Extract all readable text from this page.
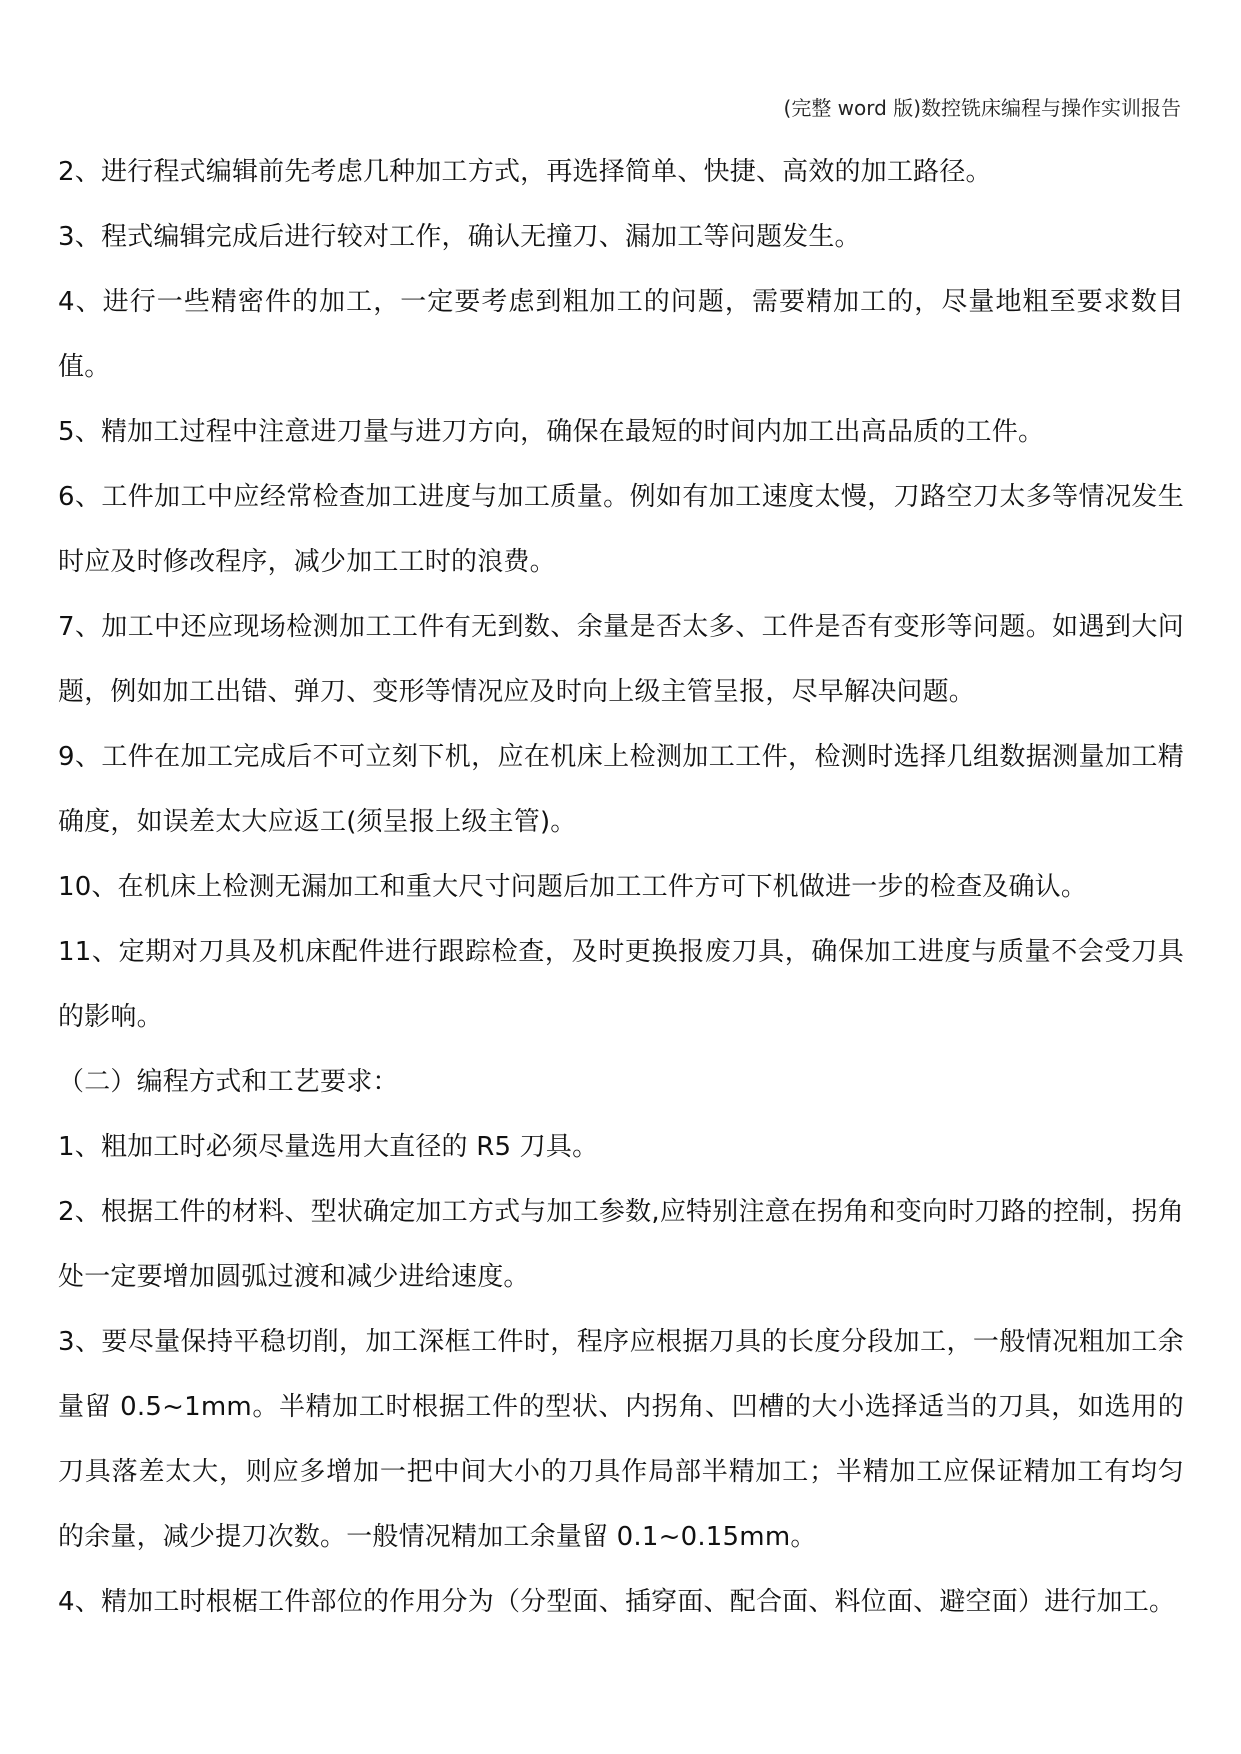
(完整 word 版)数控铣床编程与操作实训报告

2、进行程式编辑前先考虑几种加工方式，再选择简单、快捷、高效的加工路径。

3、程式编辑完成后进行较对工作，确认无撞刀、漏加工等问题发生。

4、进行一些精密件的加工，一定要考虑到粗加工的问题，需要精加工的，尽量地粗至要求数目值。

5、精加工过程中注意进刀量与进刀方向，确保在最短的时间内加工出高品质的工件。

6、工件加工中应经常检查加工进度与加工质量。例如有加工速度太慢，刀路空刀太多等情况发生时应及时修改程序，减少加工工时的浪费。

7、加工中还应现场检测加工工件有无到数、余量是否太多、工件是否有变形等问题。如遇到大问题，例如加工出错、弹刀、变形等情况应及时向上级主管呈报，尽早解决问题。

9、工件在加工完成后不可立刻下机，应在机床上检测加工工件，检测时选择几组数据测量加工精确度，如误差太大应返工(须呈报上级主管)。

10、在机床上检测无漏加工和重大尺寸问题后加工工件方可下机做进一步的检查及确认。

11、定期对刀具及机床配件进行跟踪检查，及时更换报废刀具，确保加工进度与质量不会受刀具的影响。

（二）编程方式和工艺要求：

1、粗加工时必须尽量选用大直径的 R5 刀具。

2、根据工件的材料、型状确定加工方式与加工参数,应特别注意在拐角和变向时刀路的控制，拐角处一定要增加圆弧过渡和减少进给速度。

3、要尽量保持平稳切削，加工深框工件时，程序应根据刀具的长度分段加工，一般情况粗加工余量留 0.5~1mm。半精加工时根据工件的型状、内拐角、凹槽的大小选择适当的刀具，如选用的刀具落差太大，则应多增加一把中间大小的刀具作局部半精加工；半精加工应保证精加工有均匀的余量，减少提刀次数。一般情况精加工余量留 0.1~0.15mm。

4、精加工时根椐工件部位的作用分为（分型面、插穿面、配合面、料位面、避空面）进行加工。
